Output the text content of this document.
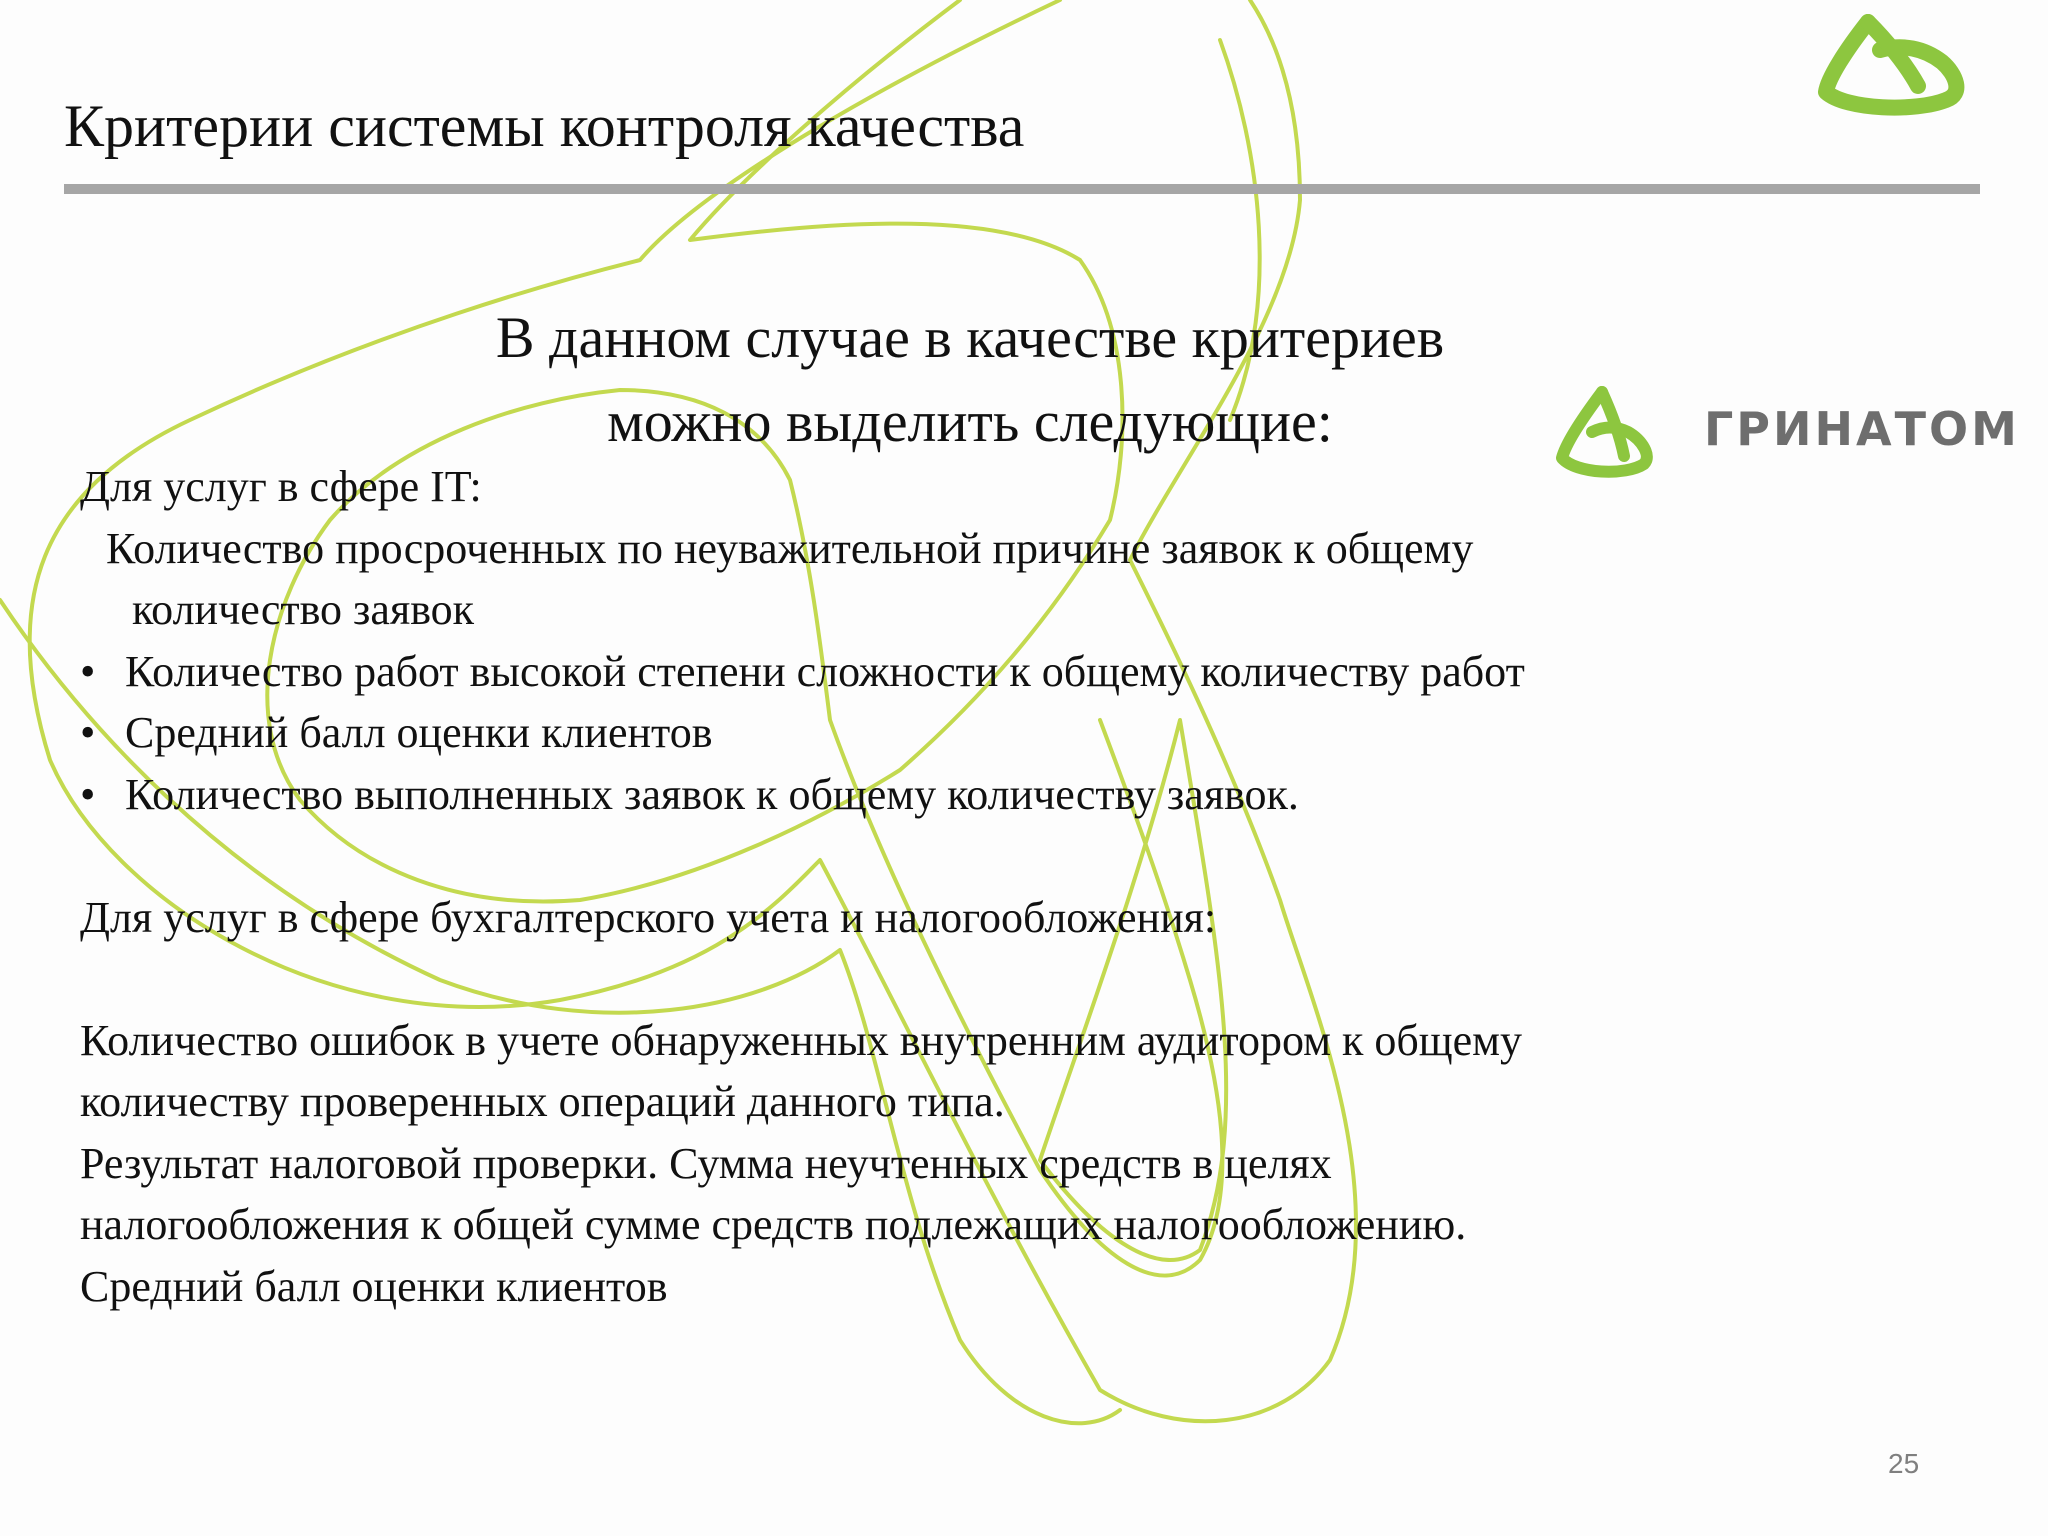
Критерии системы контроля качества
В данном случае в качестве критериев
можно выделить следующие:	ГРИНАТОМ
Для услуг в сфере IT:
Количество просроченных по неуважительной причине заявок к общему
количество заявок
• Количество работ высокой степени сложности к общему количеству работ
• Средний балл оценки клиентов
• Количество выполненных заявок к общему количеству заявок.
Для услуг в сфере бухгалтерского учета и налогообложения:
Количество ошибок в учете обнаруженных внутренним аудитором к общему
количеству проверенных операций данного типа.
Результат налоговой проверки. Сумма неучтенных средств в целях
налогообложения к общей сумме средств подлежащих налогообложению.
Средний балл оценки клиентов
25
